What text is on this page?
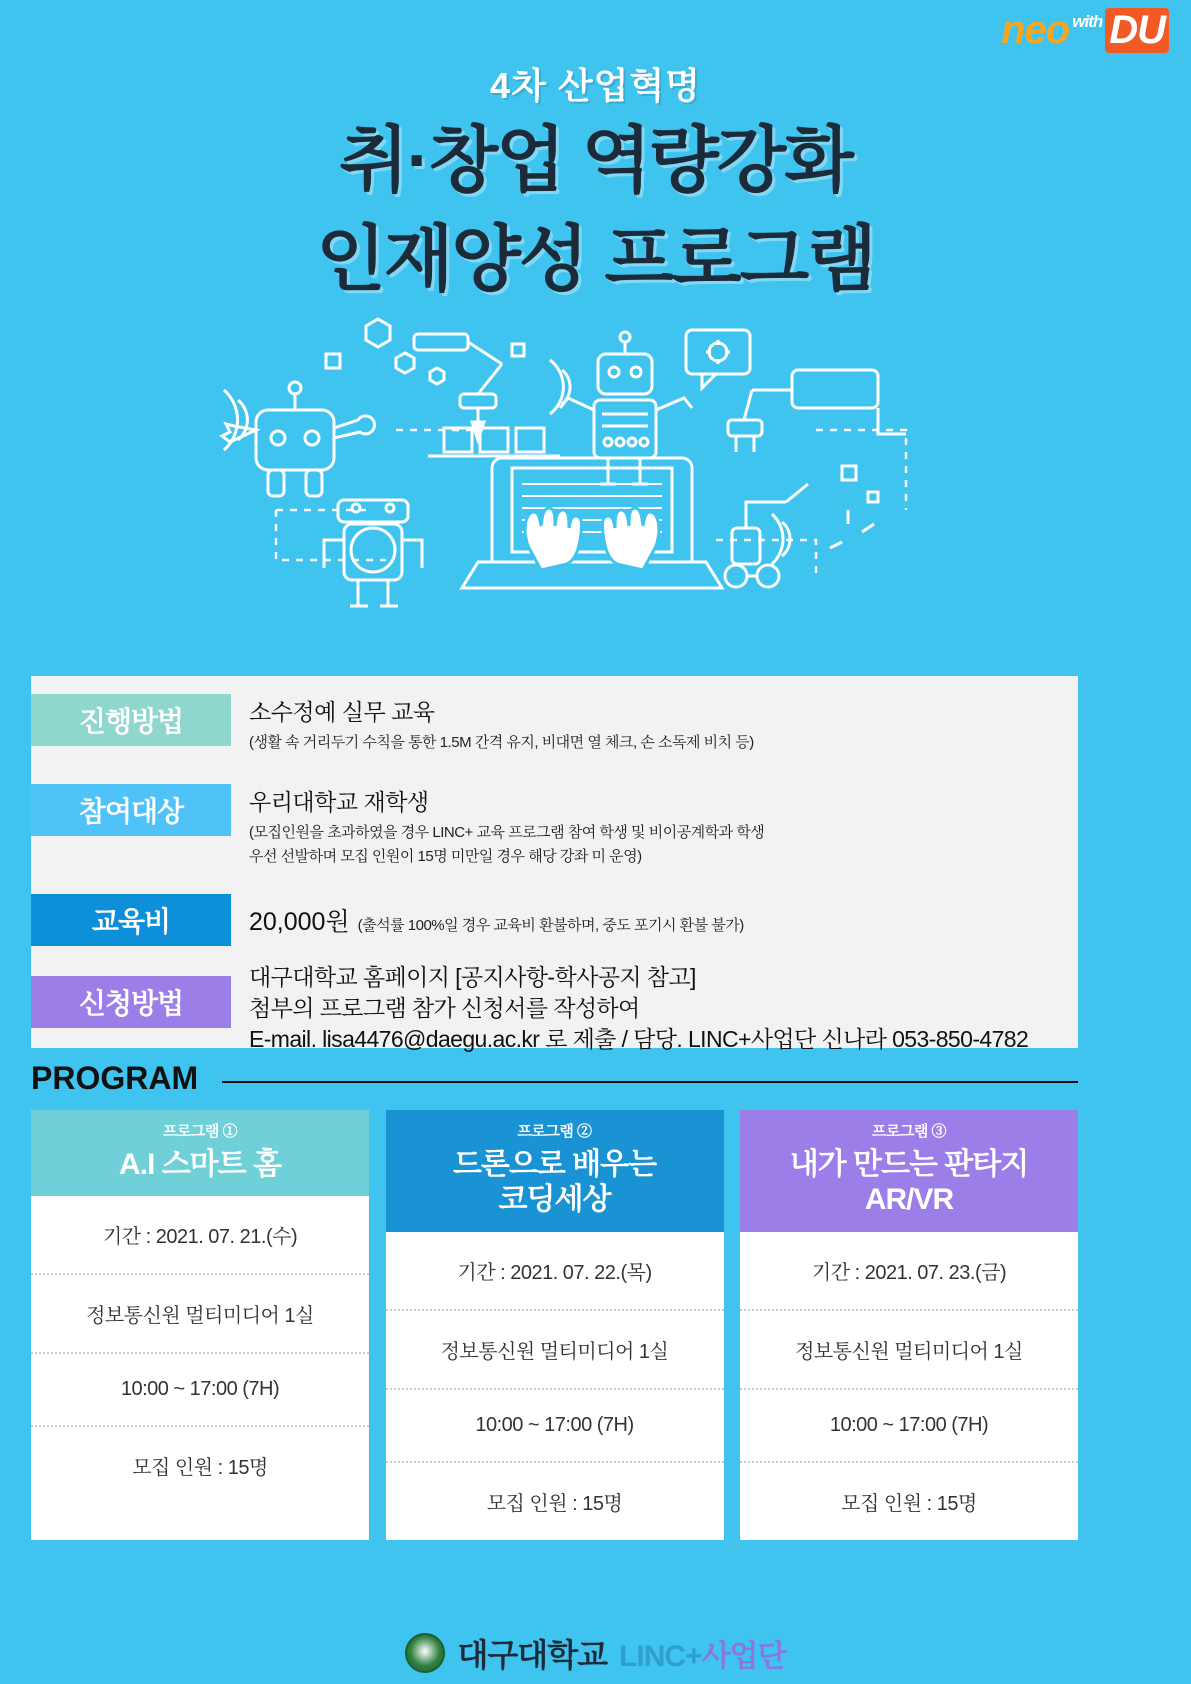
neo with DU
4차 산업혁명
취·창업 역량강화
인재양성 프로그램
진행방법	소수정예 실무 교육
(생활 속 거리두기 수칙을 통한 1.5M 간격 유지, 비대면 열 체크, 손 소독제 비치 등)
참여대상	우리대학교 재학생
(모집인원을 초과하였을 경우 LINC+ 교육 프로그램 참여 학생 및 비이공계학과 학생
우선 선발하며 모집 인원이 15명 미만일 경우 해당 강좌 미 운영)
교육비	20,000원 (출석률 100%일 경우 교육비 환불하며, 중도 포기시 환불 불가)
신청방법
대구대학교 홈페이지 [공지사항-학사공지 참고]
첨부의 프로그램 참가 신청서를 작성하여
E-mail. lisa4476@daegu.ac.kr 로 제출 / 담당. LINC+사업단 신나라 053-850-4782
PROGRAM
프로그램 ①
A.I 스마트 홈
기간 : 2021. 07. 21.(수)
정보통신원 멀티미디어 1실
10:00 ~ 17:00 (7H)
모집 인원 : 15명
프로그램 ②
드론으로 배우는
코딩세상
기간 : 2021. 07. 22.(목)
정보통신원 멀티미디어 1실
10:00 ~ 17:00 (7H)
모집 인원 : 15명
프로그램 ③
내가 만드는 판타지
AR/VR
기간 : 2021. 07. 23.(금)
정보통신원 멀티미디어 1실
10:00 ~ 17:00 (7H)
모집 인원 : 15명
대구대학교 LINC+사업단
